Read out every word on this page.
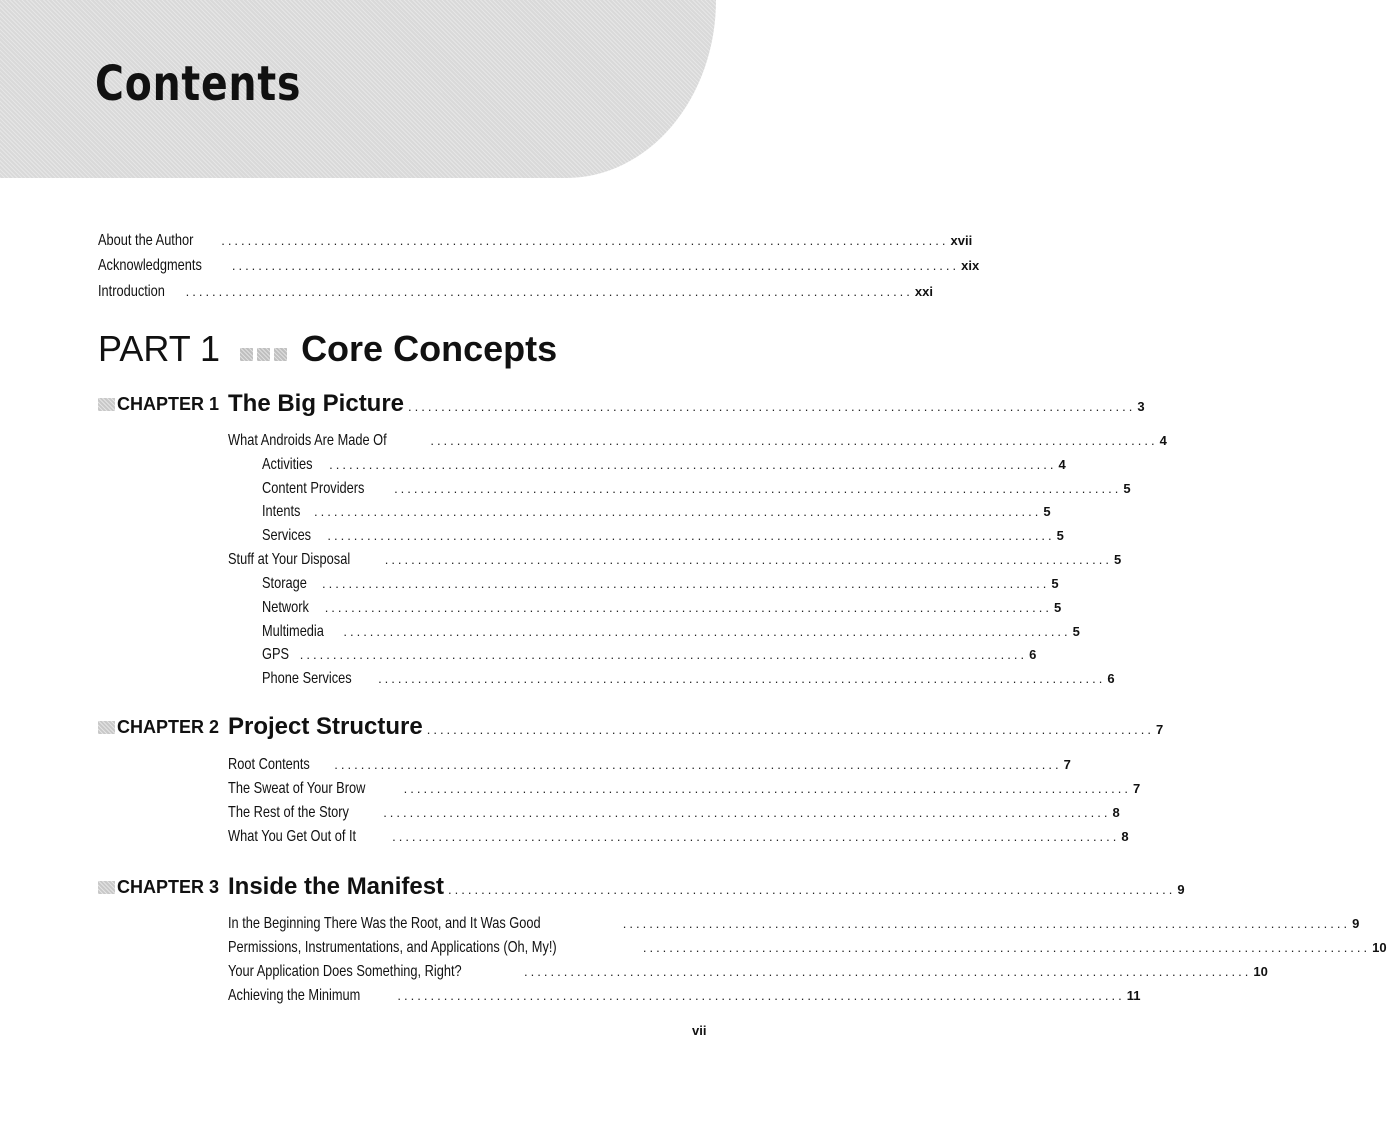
Contents
About the Author .............................................................................................................. xvii
Acknowledgments .............................................................................................................. xix
Introduction .............................................................................................................. xxi
PART 1 Core Concepts
CHAPTER 1 The Big Picture .............................................................................................................. 3
What Androids Are Made Of	.............................................................................................................. 4
Activities .............................................................................................................. 4
Content Providers .............................................................................................................. 5
Intents .............................................................................................................. 5
Services .............................................................................................................. 5
Stuff at Your Disposal	.............................................................................................................. 5
Storage .............................................................................................................. 5
Network .............................................................................................................. 5
Multimedia .............................................................................................................. 5
GPS .............................................................................................................. 6
Phone Services .............................................................................................................. 6
CHAPTER 2 Project Structure .............................................................................................................. 7
Root Contents .............................................................................................................. 7
The Sweat of Your Brow	.............................................................................................................. 7
The Rest of the Story	.............................................................................................................. 8
What You Get Out of It	.............................................................................................................. 8
CHAPTER 3 Inside the Manifest .............................................................................................................. 9
In the Beginning There Was the Root, and It Was Good	.............................................................................................................. 9
Permissions, Instrumentations, and Applications (Oh, My!)	.............................................................................................................. 10
Your Application Does Something, Right?	.............................................................................................................. 10
Achieving the Minimum	.............................................................................................................. 11
vii
